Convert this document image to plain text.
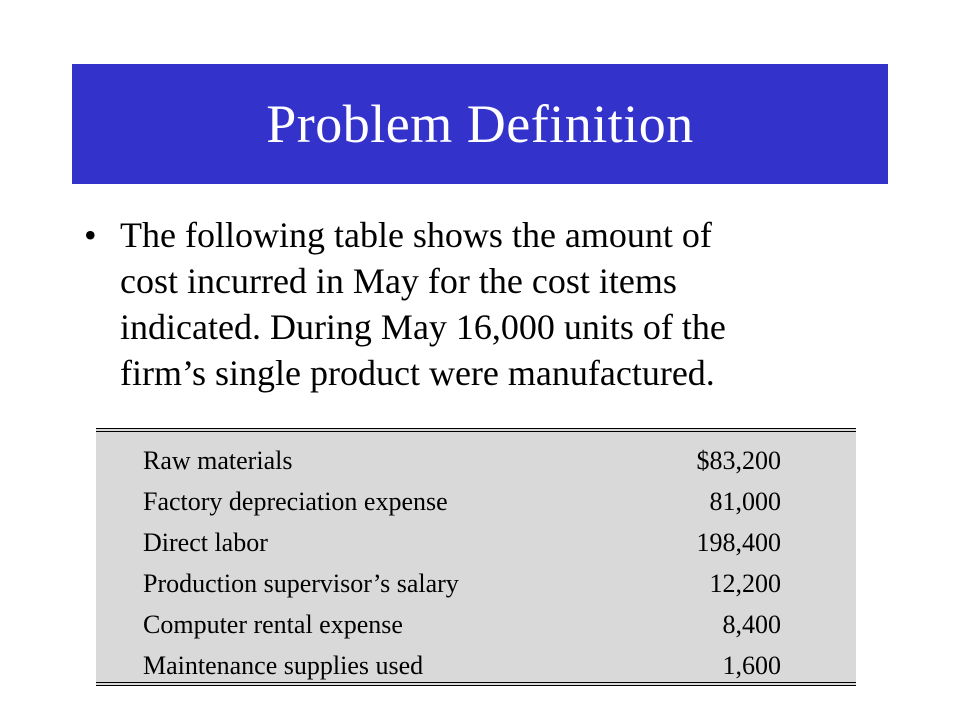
Problem Definition
• The following table shows the amount of
cost incurred in May for the cost items
indicated. During May 16,000 units of the
firm’s single product were manufactured.

Raw materials	$83,200
Factory depreciation expense	81,000
Direct labor	198,400
Production supervisor’s salary	12,200
Computer rental expense	8,400
Maintenance supplies used	1,600
